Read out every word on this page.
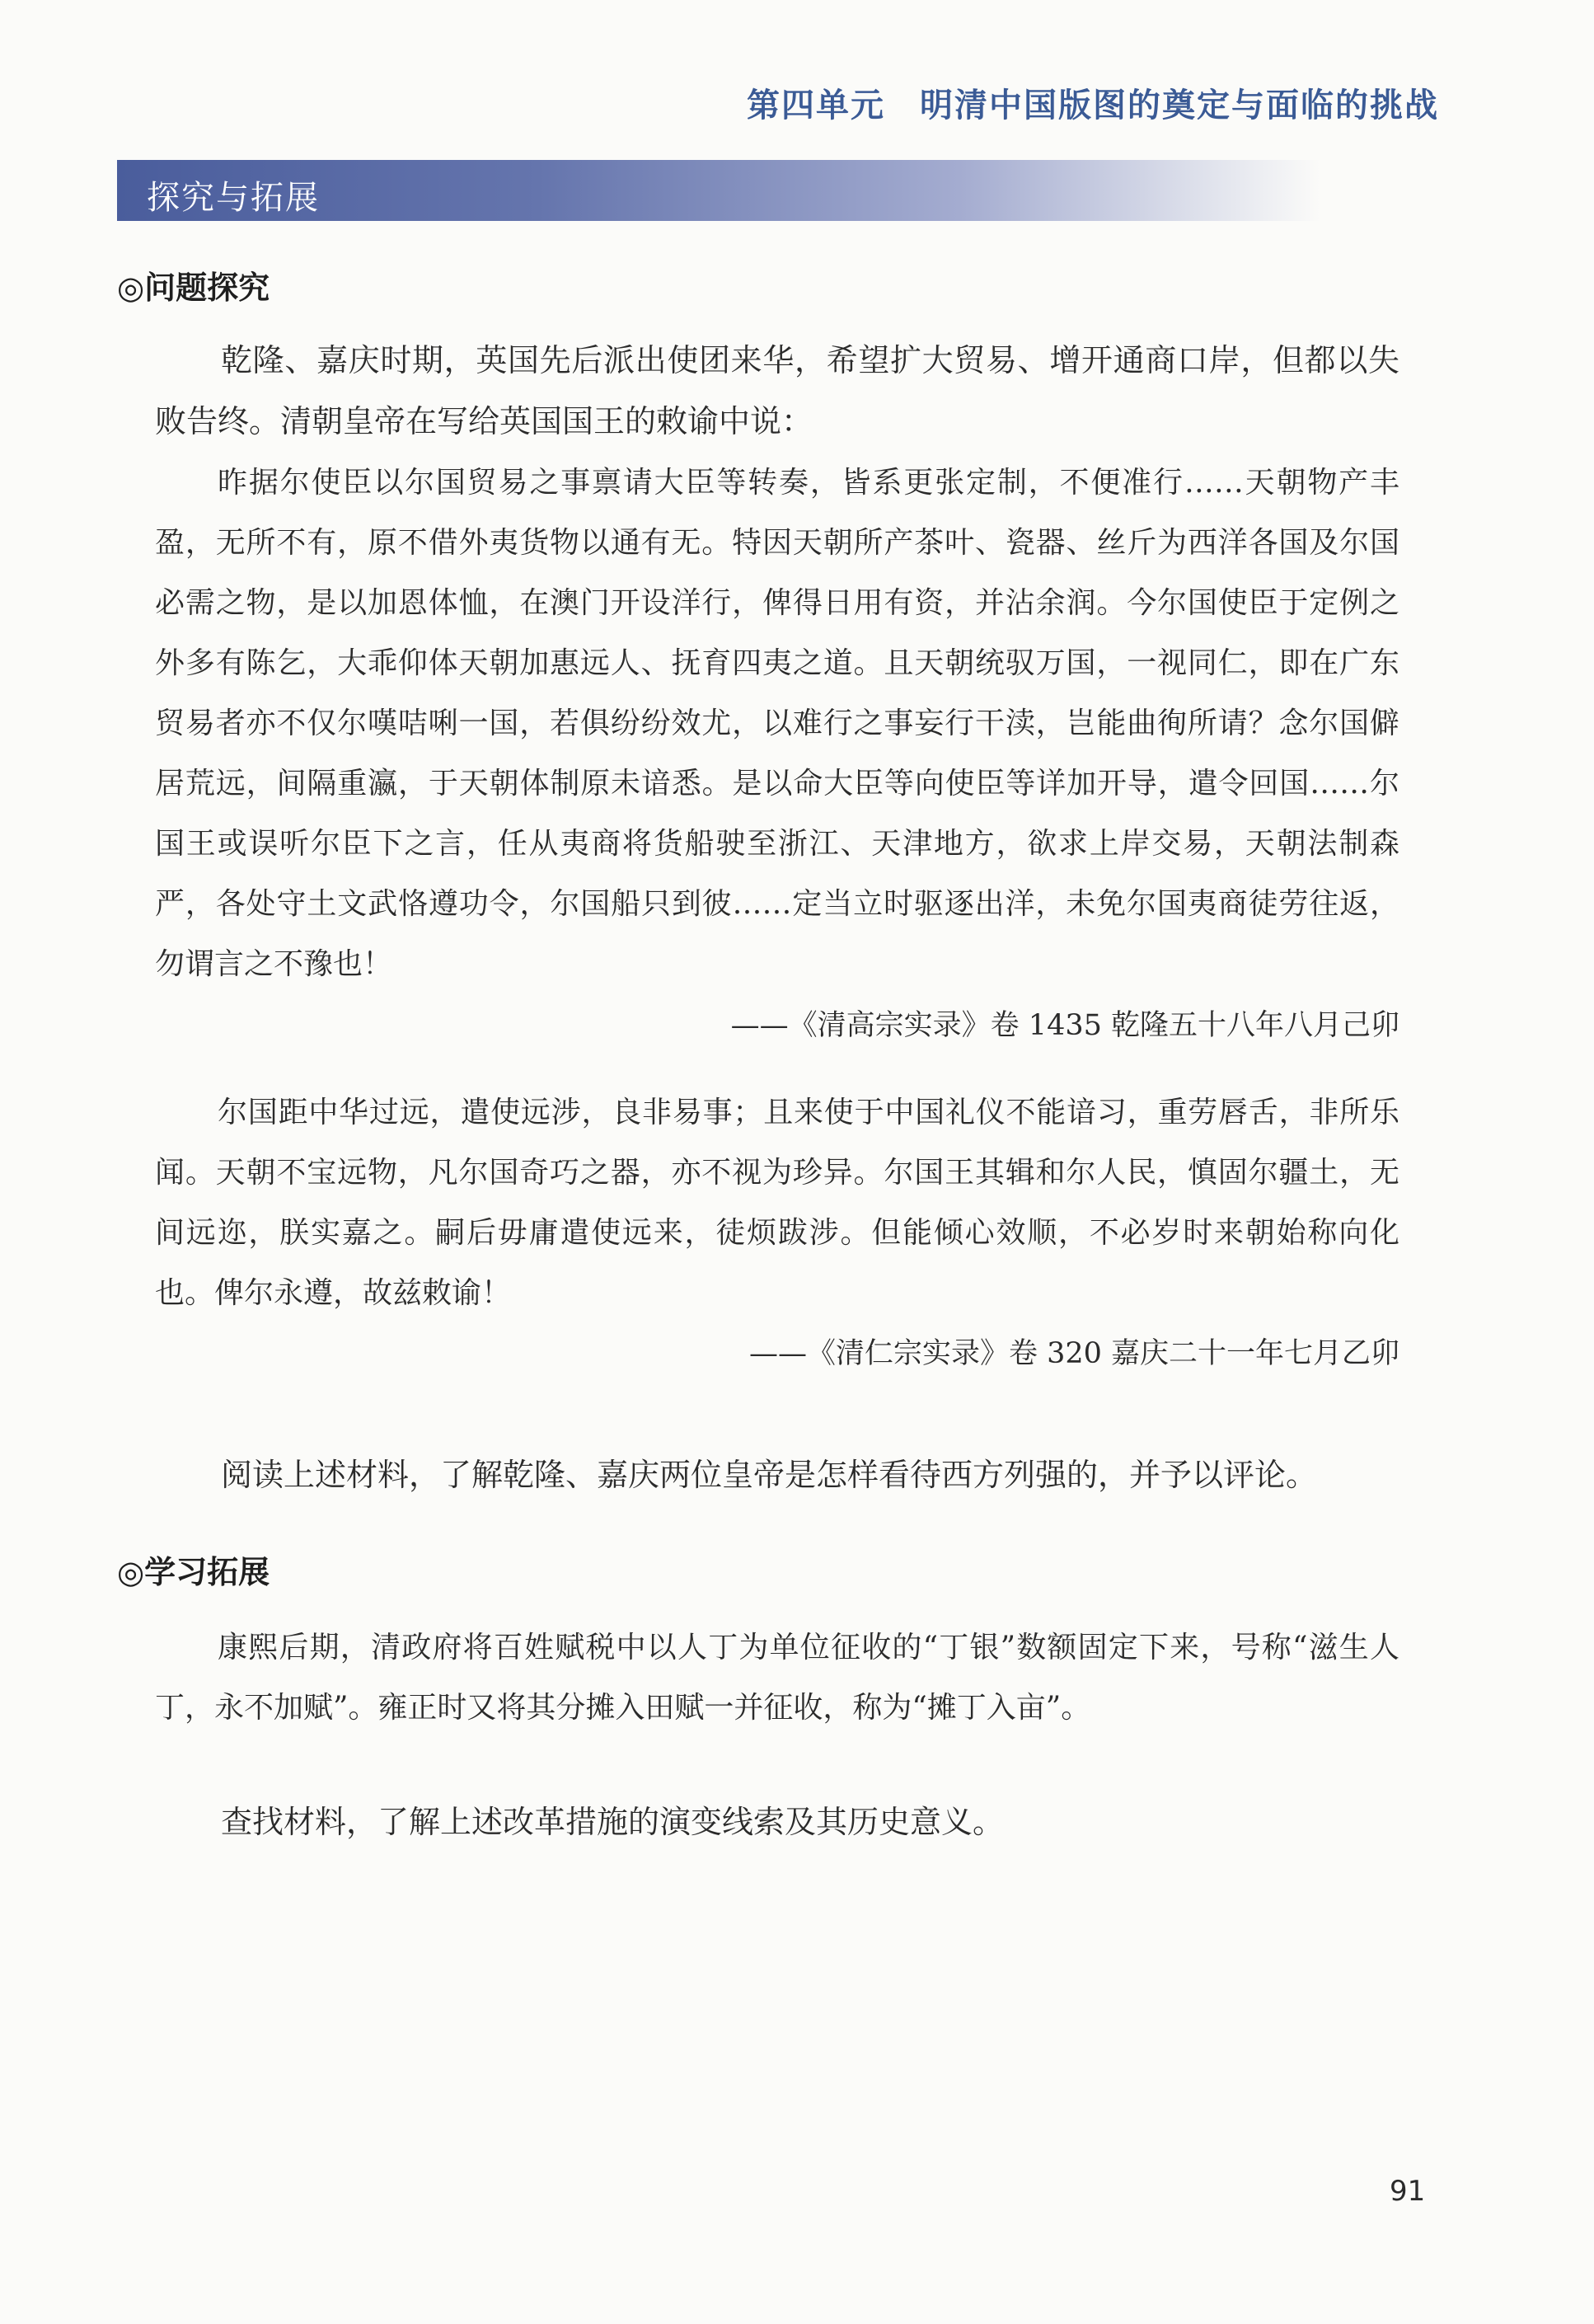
第四单元　明清中国版图的奠定与面临的挑战
探究与拓展
◎问题探究

乾隆、嘉庆时期，英国先后派出使团来华，希望扩大贸易、增开通商口岸，但都以失败告终。清朝皇帝在写给英国国王的敕谕中说：

昨据尔使臣以尔国贸易之事禀请大臣等转奏，皆系更张定制，不便准行……天朝物产丰盈，无所不有，原不借外夷货物以通有无。特因天朝所产茶叶、瓷器、丝斤为西洋各国及尔国必需之物，是以加恩体恤，在澳门开设洋行，俾得日用有资，并沾余润。今尔国使臣于定例之外多有陈乞，大乖仰体天朝加惠远人、抚育四夷之道。且天朝统驭万国，一视同仁，即在广东贸易者亦不仅尔嘆咭唎一国，若俱纷纷效尤，以难行之事妄行干渎，岂能曲徇所请？念尔国僻居荒远，间隔重瀛，于天朝体制原未谙悉。是以命大臣等向使臣等详加开导，遣令回国……尔国王或误听尔臣下之言，任从夷商将货船驶至浙江、天津地方，欲求上岸交易，天朝法制森严，各处守土文武恪遵功令，尔国船只到彼……定当立时驱逐出洋，未免尔国夷商徒劳往返，勿谓言之不豫也！

——《清高宗实录》卷 1435 乾隆五十八年八月己卯

尔国距中华过远，遣使远涉，良非易事；且来使于中国礼仪不能谙习，重劳唇舌，非所乐闻。天朝不宝远物，凡尔国奇巧之器，亦不视为珍异。尔国王其辑和尔人民，慎固尔疆土，无间远迩，朕实嘉之。嗣后毋庸遣使远来，徒烦跋涉。但能倾心效顺，不必岁时来朝始称向化也。俾尔永遵，故兹敕谕！

——《清仁宗实录》卷 320 嘉庆二十一年七月乙卯

阅读上述材料，了解乾隆、嘉庆两位皇帝是怎样看待西方列强的，并予以评论。

◎学习拓展

康熙后期，清政府将百姓赋税中以人丁为单位征收的“丁银”数额固定下来，号称“滋生人丁，永不加赋”。雍正时又将其分摊入田赋一并征收，称为“摊丁入亩”。

查找材料，了解上述改革措施的演变线索及其历史意义。

91
